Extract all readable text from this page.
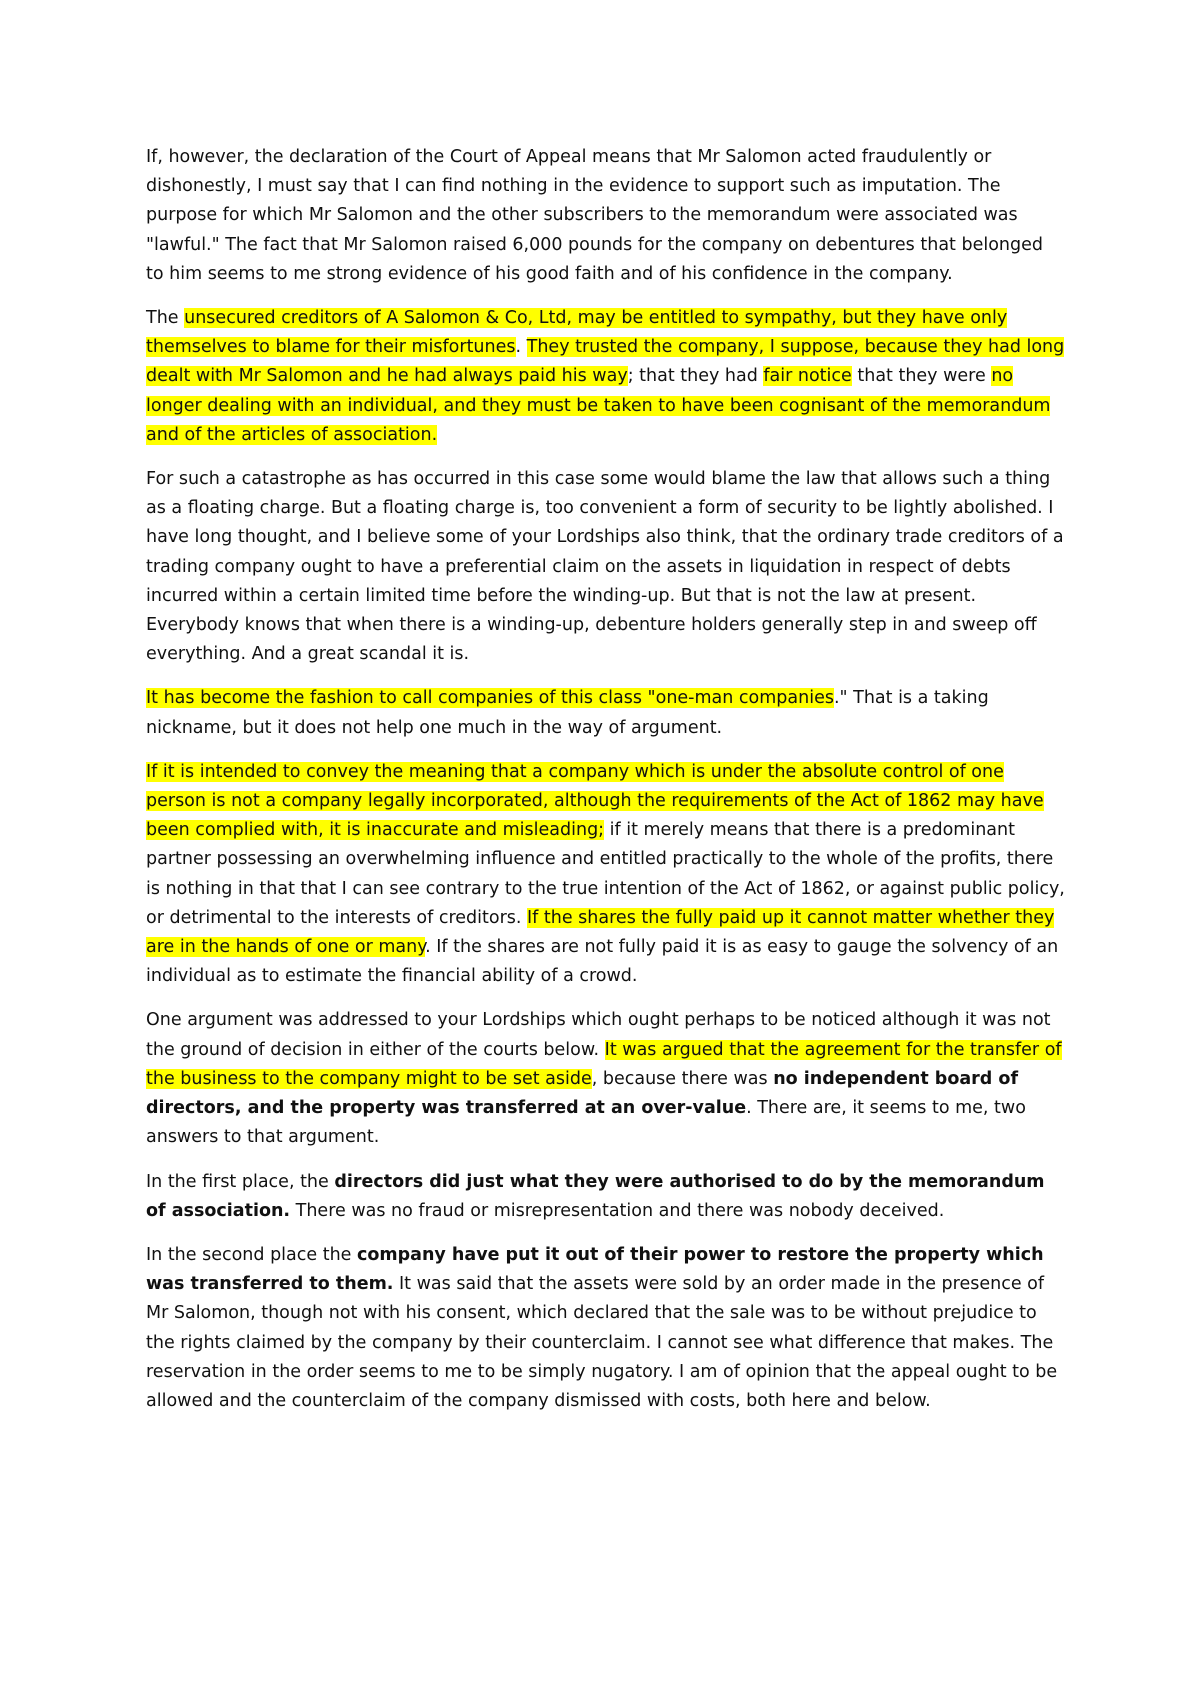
If, however, the declaration of the Court of Appeal means that Mr Salomon acted fraudulently or dishonestly, I must say that I can find nothing in the evidence to support such as imputation. The purpose for which Mr Salomon and the other subscribers to the memorandum were associated was "lawful." The fact that Mr Salomon raised 6,000 pounds for the company on debentures that belonged to him seems to me strong evidence of his good faith and of his confidence in the company.

The unsecured creditors of A Salomon & Co, Ltd, may be entitled to sympathy, but they have only themselves to blame for their misfortunes. They trusted the company, I suppose, because they had long dealt with Mr Salomon and he had always paid his way; that they had fair notice that they were no longer dealing with an individual, and they must be taken to have been cognisant of the memorandum and of the articles of association.

For such a catastrophe as has occurred in this case some would blame the law that allows such a thing as a floating charge. But a floating charge is, too convenient a form of security to be lightly abolished. I have long thought, and I believe some of your Lordships also think, that the ordinary trade creditors of a trading company ought to have a preferential claim on the assets in liquidation in respect of debts incurred within a certain limited time before the winding-up. But that is not the law at present. Everybody knows that when there is a winding-up, debenture holders generally step in and sweep off everything. And a great scandal it is.

It has become the fashion to call companies of this class "one-man companies." That is a taking nickname, but it does not help one much in the way of argument.

If it is intended to convey the meaning that a company which is under the absolute control of one person is not a company legally incorporated, although the requirements of the Act of 1862 may have been complied with, it is inaccurate and misleading; if it merely means that there is a predominant partner possessing an overwhelming influence and entitled practically to the whole of the profits, there is nothing in that that I can see contrary to the true intention of the Act of 1862, or against public policy, or detrimental to the interests of creditors. If the shares the fully paid up it cannot matter whether they are in the hands of one or many. If the shares are not fully paid it is as easy to gauge the solvency of an individual as to estimate the financial ability of a crowd.

One argument was addressed to your Lordships which ought perhaps to be noticed although it was not the ground of decision in either of the courts below. It was argued that the agreement for the transfer of the business to the company might to be set aside, because there was no independent board of directors, and the property was transferred at an over-value. There are, it seems to me, two answers to that argument.

In the first place, the directors did just what they were authorised to do by the memorandum of association. There was no fraud or misrepresentation and there was nobody deceived.

In the second place the company have put it out of their power to restore the property which was transferred to them. It was said that the assets were sold by an order made in the presence of Mr Salomon, though not with his consent, which declared that the sale was to be without prejudice to the rights claimed by the company by their counterclaim. I cannot see what difference that makes. The reservation in the order seems to me to be simply nugatory. I am of opinion that the appeal ought to be allowed and the counterclaim of the company dismissed with costs, both here and below.
